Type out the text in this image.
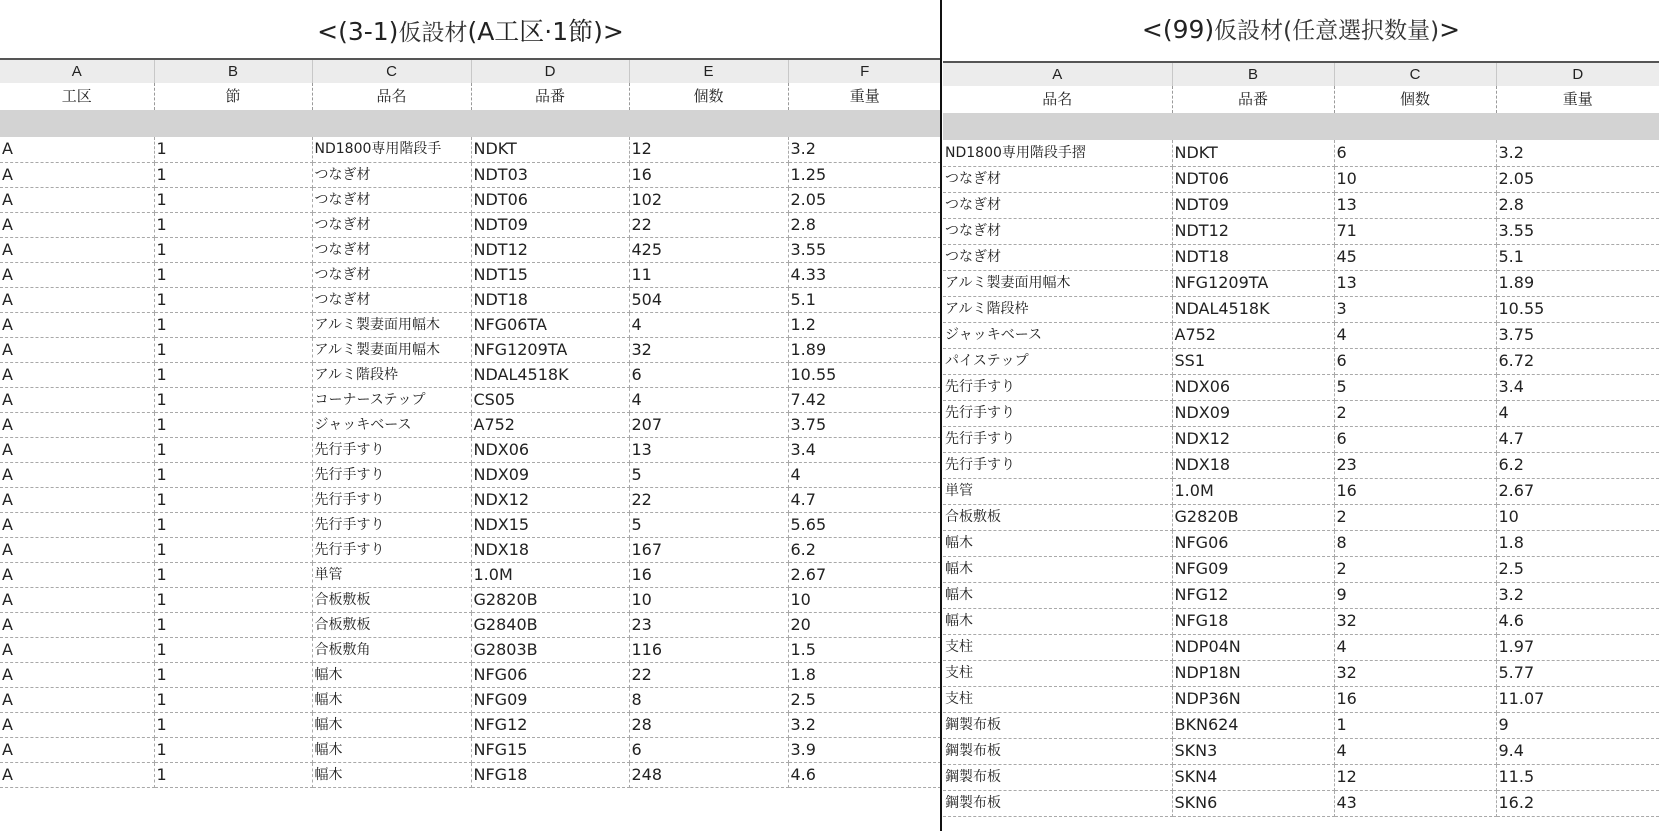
<(3-1)仮設材(A工区·1節)>
A	B	C	D	E	F
工区	節	品名	品番	個数	重量

A	1	ND1800専用階段手	NDKT	12	3.2
A	1	つなぎ材	NDT03	16	1.25
A	1	つなぎ材	NDT06	102	2.05
A	1	つなぎ材	NDT09	22	2.8
A	1	つなぎ材	NDT12	425	3.55
A	1	つなぎ材	NDT15	11	4.33
A	1	つなぎ材	NDT18	504	5.1
A	1	アルミ製妻面用幅木	NFG06TA	4	1.2
A	1	アルミ製妻面用幅木	NFG1209TA	32	1.89
A	1	アルミ階段枠	NDAL4518K	6	10.55
A	1	コーナーステップ	CS05	4	7.42
A	1	ジャッキベース	A752	207	3.75
A	1	先行手すり	NDX06	13	3.4
A	1	先行手すり	NDX09	5	4
A	1	先行手すり	NDX12	22	4.7
A	1	先行手すり	NDX15	5	5.65
A	1	先行手すり	NDX18	167	6.2
A	1	単管	1.0M	16	2.67
A	1	合板敷板	G2820B	10	10
A	1	合板敷板	G2840B	23	20
A	1	合板敷角	G2803B	116	1.5
A	1	幅木	NFG06	22	1.8
A	1	幅木	NFG09	8	2.5
A	1	幅木	NFG12	28	3.2
A	1	幅木	NFG15	6	3.9
A	1	幅木	NFG18	248	4.6
<(99)仮設材(任意選択数量)>
A	B	C	D
品名	品番	個数	重量

ND1800専用階段手摺	NDKT	6	3.2
つなぎ材	NDT06	10	2.05
つなぎ材	NDT09	13	2.8
つなぎ材	NDT12	71	3.55
つなぎ材	NDT18	45	5.1
アルミ製妻面用幅木	NFG1209TA	13	1.89
アルミ階段枠	NDAL4518K	3	10.55
ジャッキベース	A752	4	3.75
パイステップ	SS1	6	6.72
先行手すり	NDX06	5	3.4
先行手すり	NDX09	2	4
先行手すり	NDX12	6	4.7
先行手すり	NDX18	23	6.2
単管	1.0M	16	2.67
合板敷板	G2820B	2	10
幅木	NFG06	8	1.8
幅木	NFG09	2	2.5
幅木	NFG12	9	3.2
幅木	NFG18	32	4.6
支柱	NDP04N	4	1.97
支柱	NDP18N	32	5.77
支柱	NDP36N	16	11.07
鋼製布板	BKN624	1	9
鋼製布板	SKN3	4	9.4
鋼製布板	SKN4	12	11.5
鋼製布板	SKN6	43	16.2
